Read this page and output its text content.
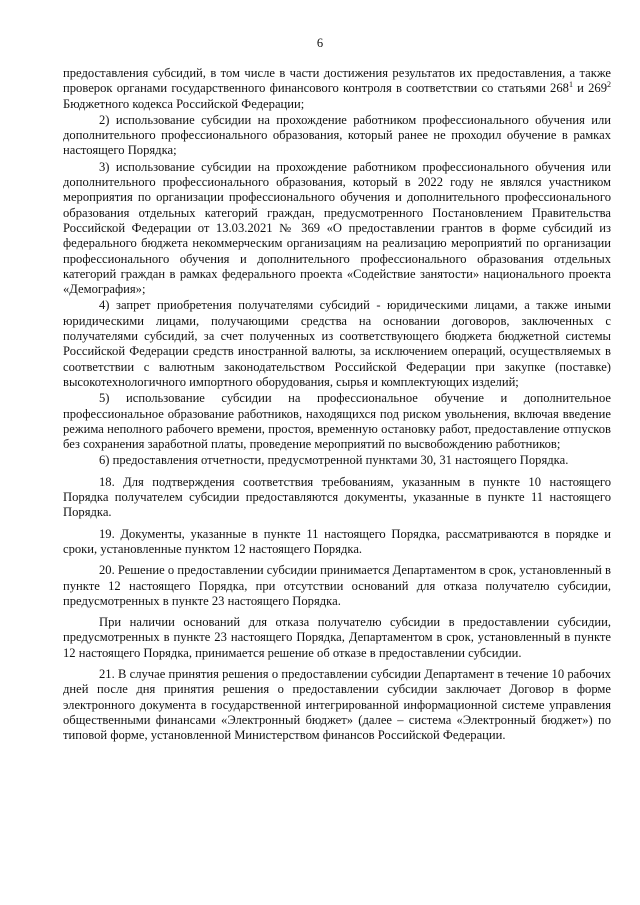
6

предоставления субсидий, в том числе в части достижения результатов их предоставления, а также проверок органами государственного финансового контроля в соответствии со статьями $268^1$ и $269^2$ Бюджетного кодекса Российской Федерации;

2) использование субсидии на прохождение работником профессионального обучения или дополнительного профессионального образования, который ранее не проходил обучение в рамках настоящего Порядка;

3) использование субсидии на прохождение работником профессионального обучения или дополнительного профессионального образования, который в 2022 году не являлся участником мероприятия по организации профессионального обучения и дополнительного профессионального образования отдельных категорий граждан, предусмотренного Постановлением Правительства Российской Федерации от 13.03.2021 № 369 «О предоставлении грантов в форме субсидий из федерального бюджета некоммерческим организациям на реализацию мероприятий по организации профессионального обучения и дополнительного профессионального образования отдельных категорий граждан в рамках федерального проекта «Содействие занятости» национального проекта «Демография»;

4) запрет приобретения получателями субсидий - юридическими лицами, а также иными юридическими лицами, получающими средства на основании договоров, заключенных с получателями субсидий, за счет полученных из соответствующего бюджета бюджетной системы Российской Федерации средств иностранной валюты, за исключением операций, осуществляемых в соответствии с валютным законодательством Российской Федерации при закупке (поставке) высокотехнологичного импортного оборудования, сырья и комплектующих изделий;

5) использование субсидии на профессиональное обучение и дополнительное профессиональное образование работников, находящихся под риском увольнения, включая введение режима неполного рабочего времени, простоя, временную остановку работ, предоставление отпусков без сохранения заработной платы, проведение мероприятий по высвобождению работников;

6) предоставления отчетности, предусмотренной пунктами 30, 31 настоящего Порядка.

18. Для подтверждения соответствия требованиям, указанным в пункте 10 настоящего Порядка получателем субсидии предоставляются документы, указанные в пункте 11 настоящего Порядка.

19. Документы, указанные в пункте 11 настоящего Порядка, рассматриваются в порядке и сроки, установленные пунктом 12 настоящего Порядка.

20. Решение о предоставлении субсидии принимается Департаментом в срок, установленный в пункте 12 настоящего Порядка, при отсутствии оснований для отказа получателю субсидии, предусмотренных в пункте 23 настоящего Порядка.

При наличии оснований для отказа получателю субсидии в предоставлении субсидии, предусмотренных в пункте 23 настоящего Порядка, Департаментом в срок, установленный в пункте 12 настоящего Порядка, принимается решение об отказе в предоставлении субсидии.

21. В случае принятия решения о предоставлении субсидии Департамент в течение 10 рабочих дней после дня принятия решения о предоставлении субсидии заключает Договор в форме электронного документа в государственной интегрированной информационной системе управления общественными финансами «Электронный бюджет» (далее – система «Электронный бюджет») по типовой форме, установленной Министерством финансов Российской Федерации.
